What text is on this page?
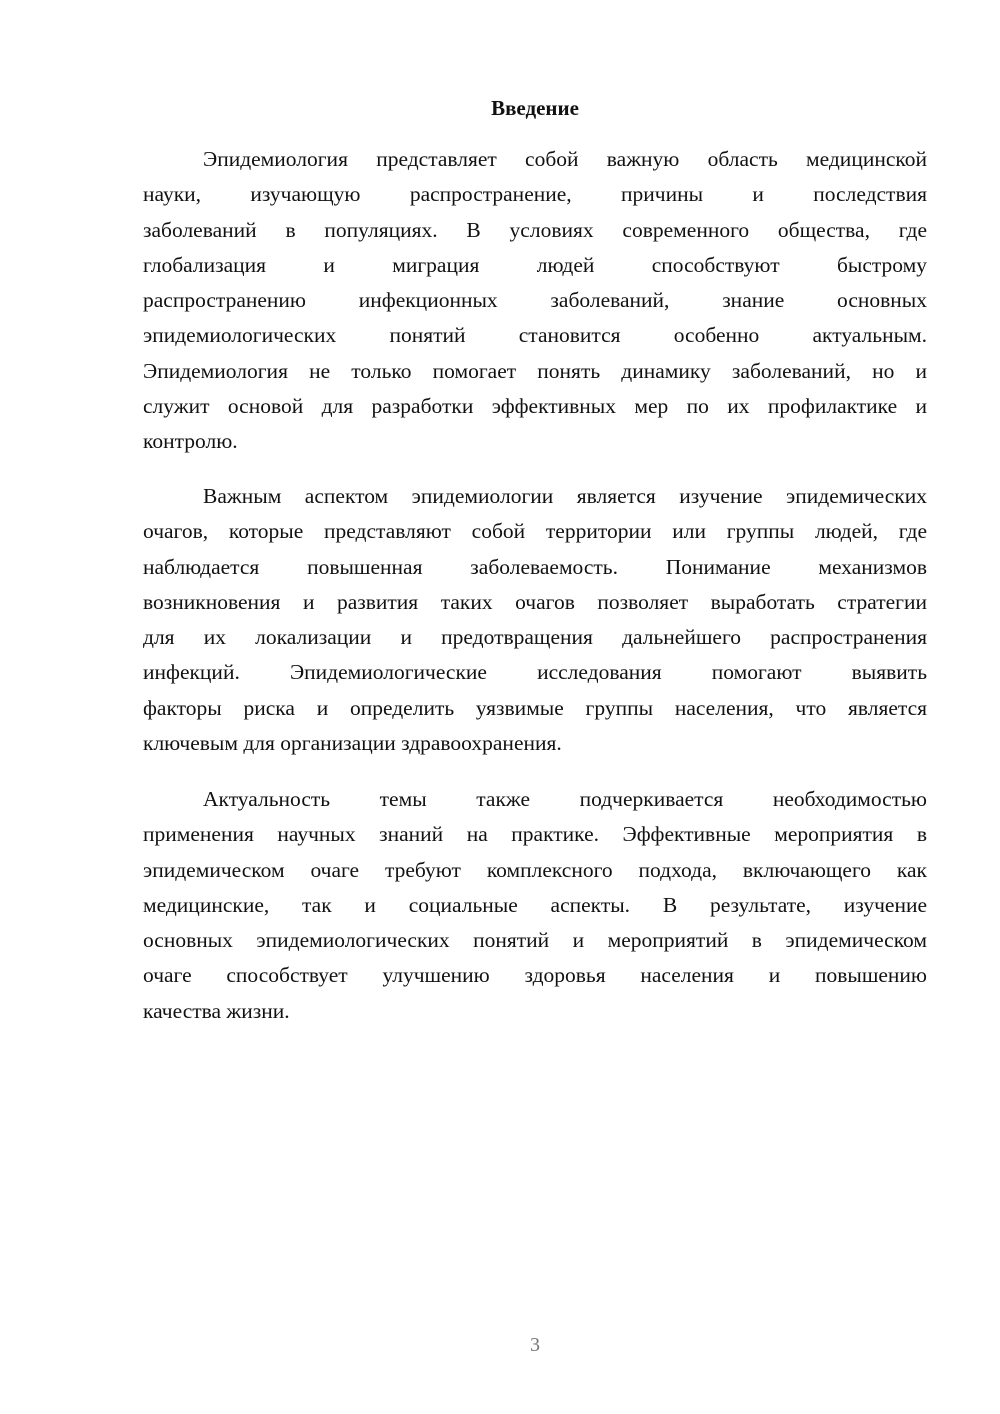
Введение
Эпидемиология представляет собой важную область медицинской
науки, изучающую распространение, причины и последствия
заболеваний в популяциях. В условиях современного общества, где
глобализация и миграция людей способствуют быстрому
распространению инфекционных заболеваний, знание основных
эпидемиологических понятий становится особенно актуальным.
Эпидемиология не только помогает понять динамику заболеваний, но и
служит основой для разработки эффективных мер по их профилактике и
контролю.
Важным аспектом эпидемиологии является изучение эпидемических
очагов, которые представляют собой территории или группы людей, где
наблюдается повышенная заболеваемость. Понимание механизмов
возникновения и развития таких очагов позволяет выработать стратегии
для их локализации и предотвращения дальнейшего распространения
инфекций. Эпидемиологические исследования помогают выявить
факторы риска и определить уязвимые группы населения, что является
ключевым для организации здравоохранения.
Актуальность темы также подчеркивается необходимостью
применения научных знаний на практике. Эффективные мероприятия в
эпидемическом очаге требуют комплексного подхода, включающего как
медицинские, так и социальные аспекты. В результате, изучение
основных эпидемиологических понятий и мероприятий в эпидемическом
очаге способствует улучшению здоровья населения и повышению
качества жизни.
3
